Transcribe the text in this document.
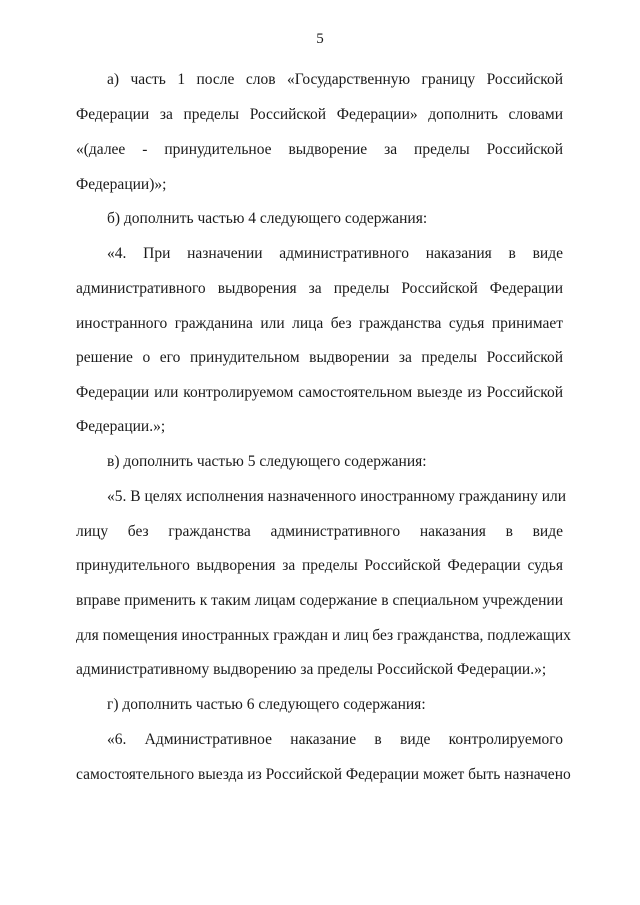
5
а) часть 1 после слов «Государственную границу Российской
Федерации за пределы Российской Федерации» дополнить словами
«(далее - принудительное выдворение за пределы Российской
Федерации)»;
б) дополнить частью 4 следующего содержания:
«4. При назначении административного наказания в виде
административного выдворения за пределы Российской Федерации
иностранного гражданина или лица без гражданства судья принимает
решение о его принудительном выдворении за пределы Российской
Федерации или контролируемом самостоятельном выезде из Российской
Федерации.»;
в) дополнить частью 5 следующего содержания:
«5. В целях исполнения назначенного иностранному гражданину или
лицу без гражданства административного наказания в виде
принудительного выдворения за пределы Российской Федерации судья
вправе применить к таким лицам содержание в специальном учреждении
для помещения иностранных граждан и лиц без гражданства, подлежащих
административному выдворению за пределы Российской Федерации.»;
г) дополнить частью 6 следующего содержания:
«6. Административное наказание в виде контролируемого
самостоятельного выезда из Российской Федерации может быть назначено
